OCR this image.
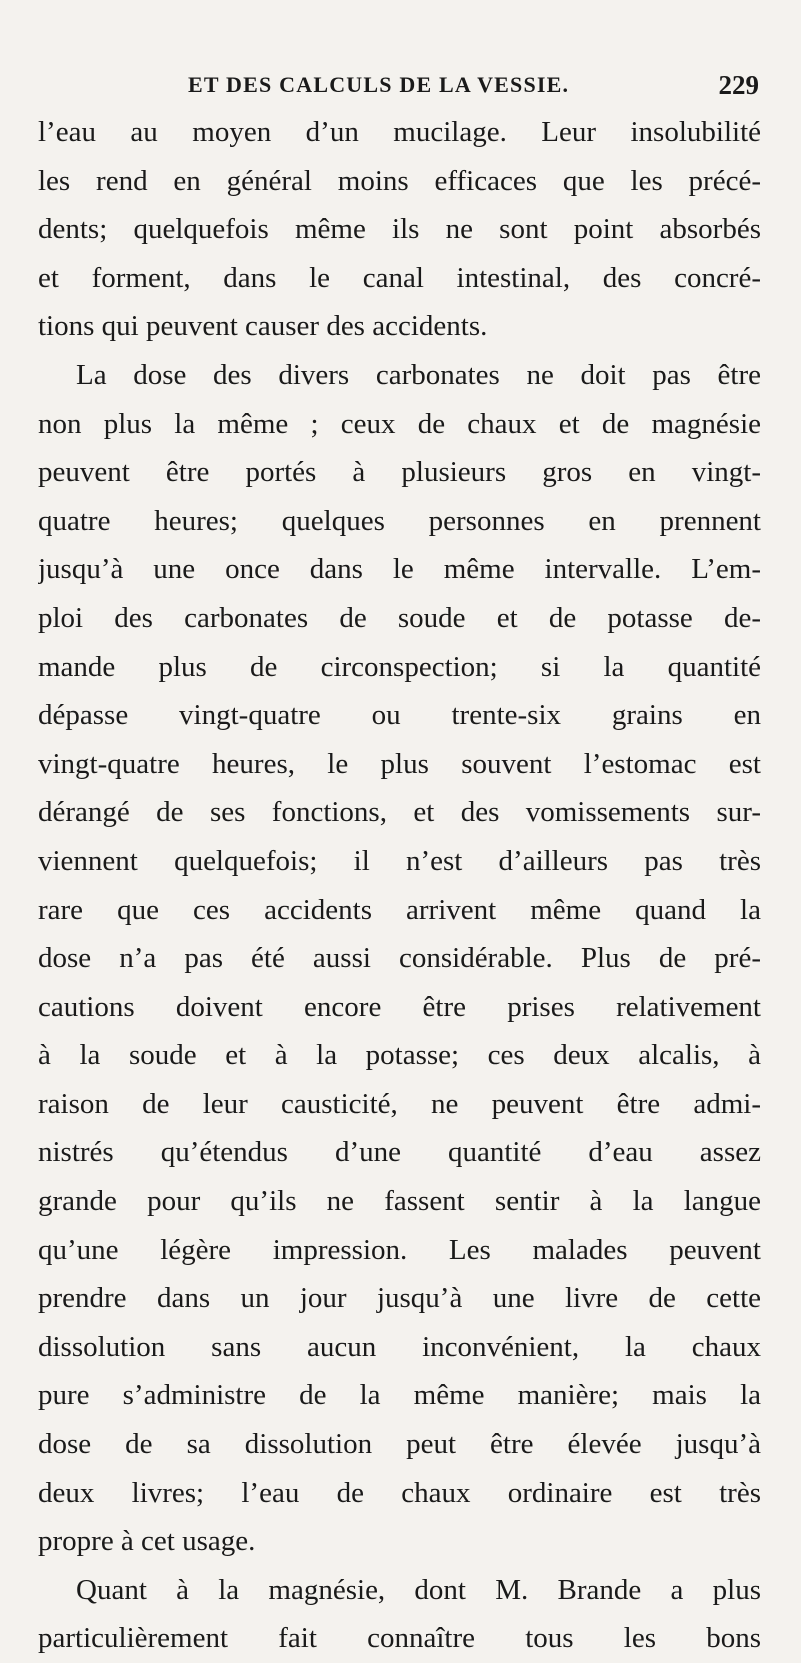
ET DES CALCULS DE LA VESSIE.	229
l’eau au moyen d’un mucilage. Leur insolubilité
les rend en général moins efficaces que les précé-
dents; quelquefois même ils ne sont point absorbés
et forment, dans le canal intestinal, des concré-
tions qui peuvent causer des accidents.
La dose des divers carbonates ne doit pas être
non plus la même ; ceux de chaux et de magnésie
peuvent être portés à plusieurs gros en vingt-
quatre heures; quelques personnes en prennent
jusqu’à une once dans le même intervalle. L’em-
ploi des carbonates de soude et de potasse de-
mande plus de circonspection; si la quantité
dépasse vingt-quatre ou trente-six grains en
vingt-quatre heures, le plus souvent l’estomac est
dérangé de ses fonctions, et des vomissements sur-
viennent quelquefois; il n’est d’ailleurs pas très
rare que ces accidents arrivent même quand la
dose n’a pas été aussi considérable. Plus de pré-
cautions doivent encore être prises relativement
à la soude et à la potasse; ces deux alcalis, à
raison de leur causticité, ne peuvent être admi-
nistrés qu’étendus d’une quantité d’eau assez
grande pour qu’ils ne fassent sentir à la langue
qu’une légère impression. Les malades peuvent
prendre dans un jour jusqu’à une livre de cette
dissolution sans aucun inconvénient, la chaux
pure s’administre de la même manière; mais la
dose de sa dissolution peut être élevée jusqu’à
deux livres; l’eau de chaux ordinaire est très
propre à cet usage.
Quant à la magnésie, dont M. Brande a plus
particulièrement fait connaître tous les bons
